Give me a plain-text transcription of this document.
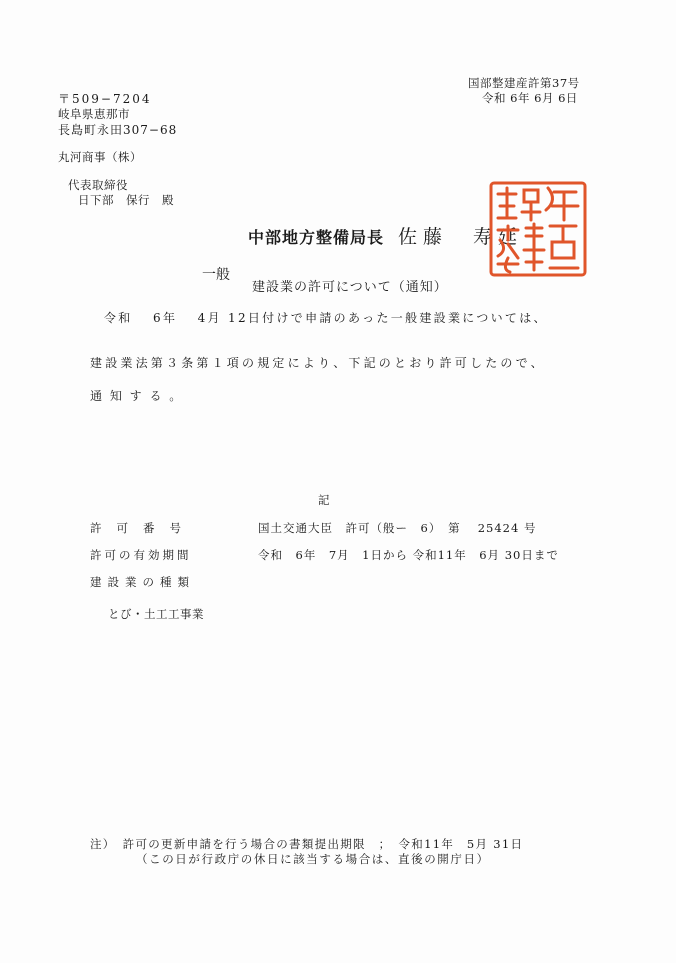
国部整建産許第37号
令和 6年 6月 6日
〒509−7204
岐阜県恵那市
長島町永田307−68
丸河商事（株）
代表取締役
日下部　保行　殿
中部地方整備局長 佐藤　寿延
一般
建設業の許可について（通知）
令和　 6年　 4月 12日付けで申請のあった一般建設業については、
建設業法第３条第１項の規定により、下記のとおり許可したので、
通 知 す る 。
記
許可番号	国土交通大臣　許可（般ー　6）　第　 25424 号
許可の有効期間	令和　6年　7月　1日から 令和11年　6月 30日まで
建設業の種類
とび・土工工事業
注）　許可の更新申請を行う場合の書類提出期限　；　令和11年　5月 31日
（この日が行政庁の休日に該当する場合は、直後の開庁日）
